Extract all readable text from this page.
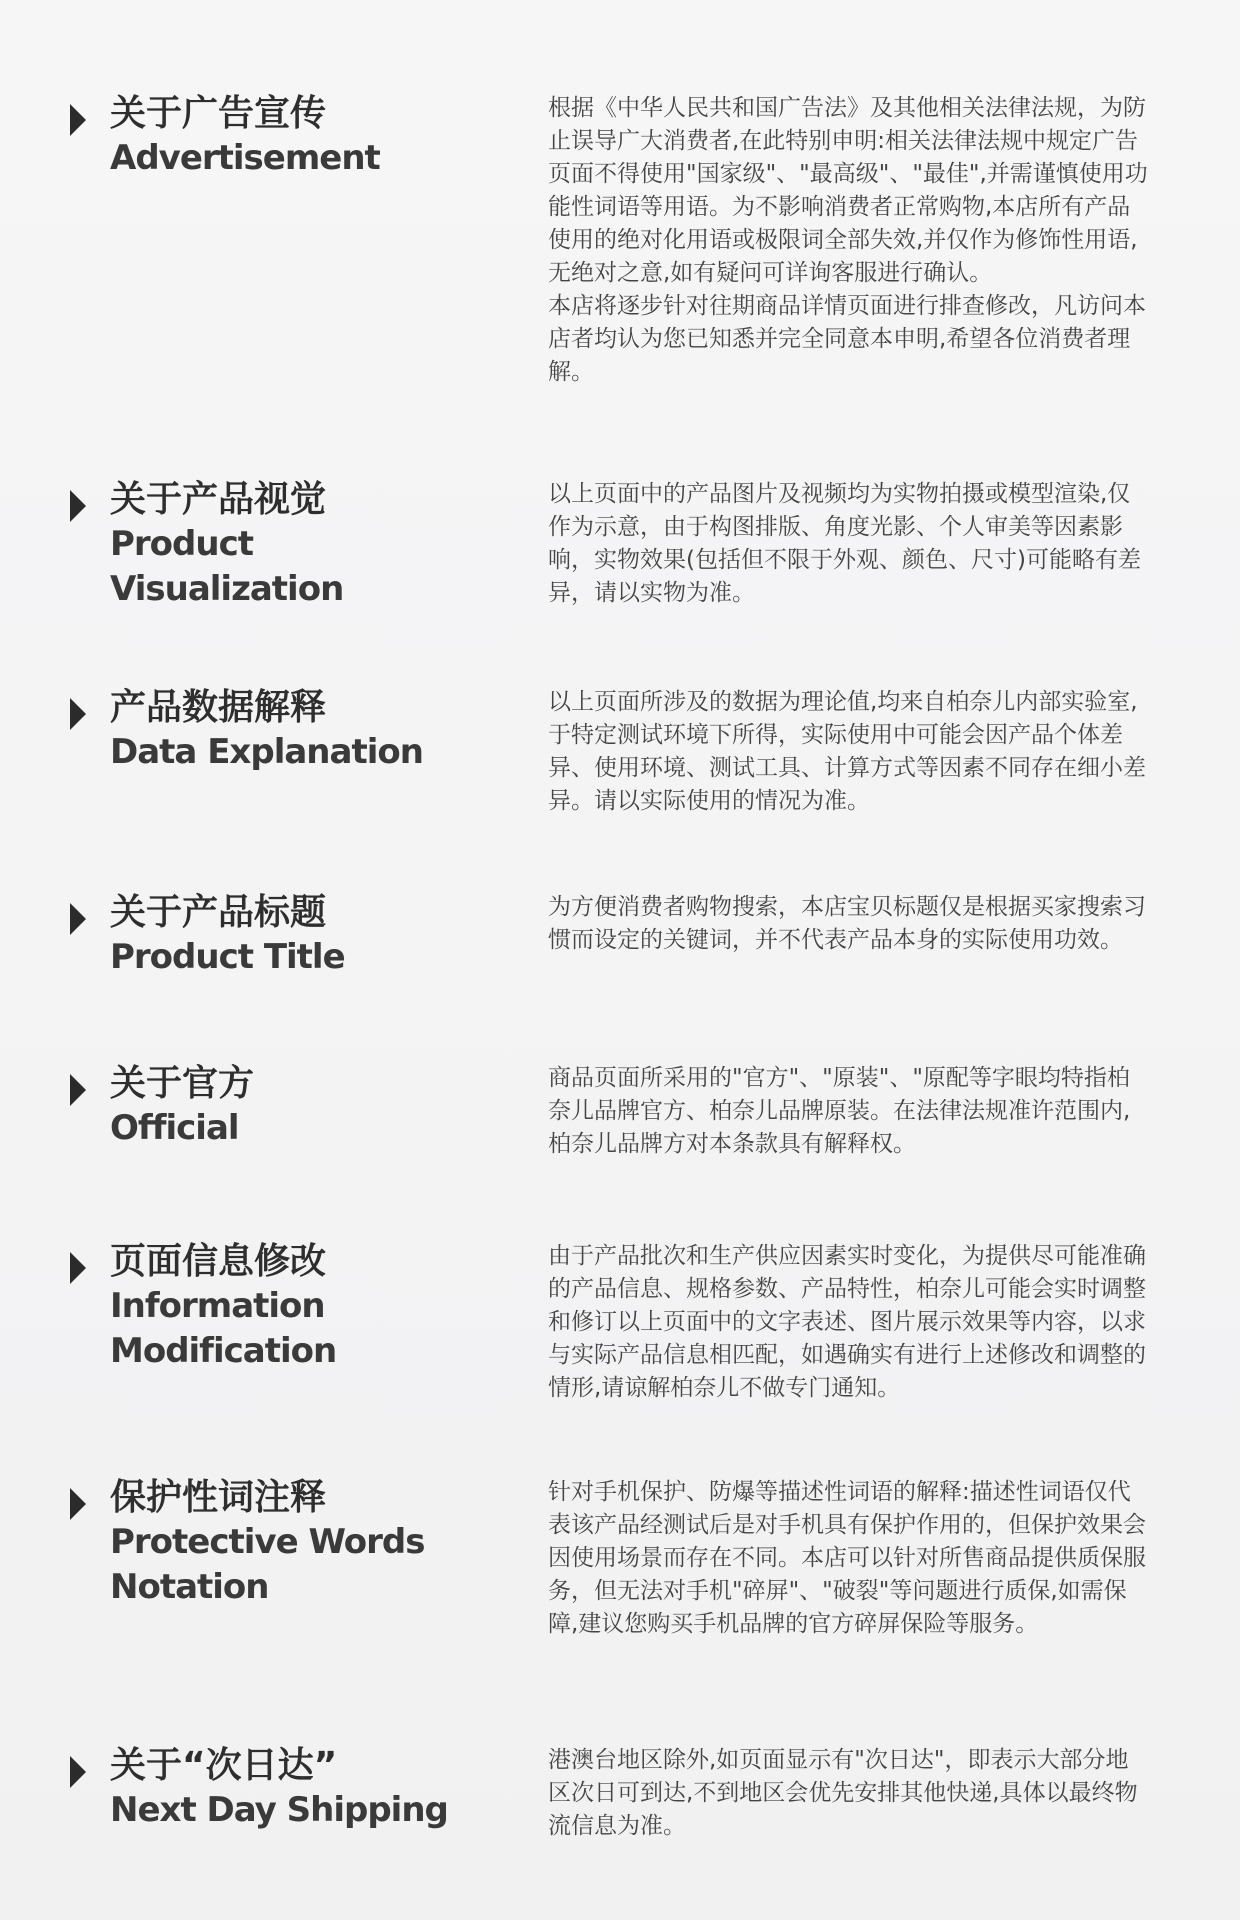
关于广告宣传
Advertisement

根据《中华人民共和国广告法》及其他相关法律法规，为防止误导广大消费者,在此特别申明:相关法律法规中规定广告页面不得使用"国家级"、"最高级"、"最佳",并需谨慎使用功能性词语等用语。为不影响消费者正常购物,本店所有产品使用的绝对化用语或极限词全部失效,并仅作为修饰性用语,无绝对之意,如有疑问可详询客服进行确认。

本店将逐步针对往期商品详情页面进行排查修改，凡访问本店者均认为您已知悉并完全同意本申明,希望各位消费者理解。

关于产品视觉
Product Visualization

以上页面中的产品图片及视频均为实物拍摄或模型渲染,仅作为示意，由于构图排版、角度光影、个人审美等因素影响，实物效果(包括但不限于外观、颜色、尺寸)可能略有差异，请以实物为准。

产品数据解释
Data Explanation

以上页面所涉及的数据为理论值,均来自柏奈儿内部实验室,于特定测试环境下所得，实际使用中可能会因产品个体差异、使用环境、测试工具、计算方式等因素不同存在细小差异。请以实际使用的情况为准。

关于产品标题
Product Title

为方便消费者购物搜索，本店宝贝标题仅是根据买家搜索习惯而设定的关键词，并不代表产品本身的实际使用功效。

关于官方
Official

商品页面所采用的"官方"、"原装"、"原配等字眼均特指柏奈儿品牌官方、柏奈儿品牌原装。在法律法规准许范围内,柏奈儿品牌方对本条款具有解释权。

页面信息修改
Information Modification

由于产品批次和生产供应因素实时变化，为提供尽可能准确的产品信息、规格参数、产品特性，柏奈儿可能会实时调整和修订以上页面中的文字表述、图片展示效果等内容，以求与实际产品信息相匹配，如遇确实有进行上述修改和调整的情形,请谅解柏奈儿不做专门通知。

保护性词注释
Protective Words Notation

针对手机保护、防爆等描述性词语的解释:描述性词语仅代表该产品经测试后是对手机具有保护作用的，但保护效果会因使用场景而存在不同。本店可以针对所售商品提供质保服务，但无法对手机"碎屏"、"破裂"等问题进行质保,如需保障,建议您购买手机品牌的官方碎屏保险等服务。

关于“次日达”
Next Day Shipping

港澳台地区除外,如页面显示有"次日达"，即表示大部分地区次日可到达,不到地区会优先安排其他快递,具体以最终物流信息为准。
